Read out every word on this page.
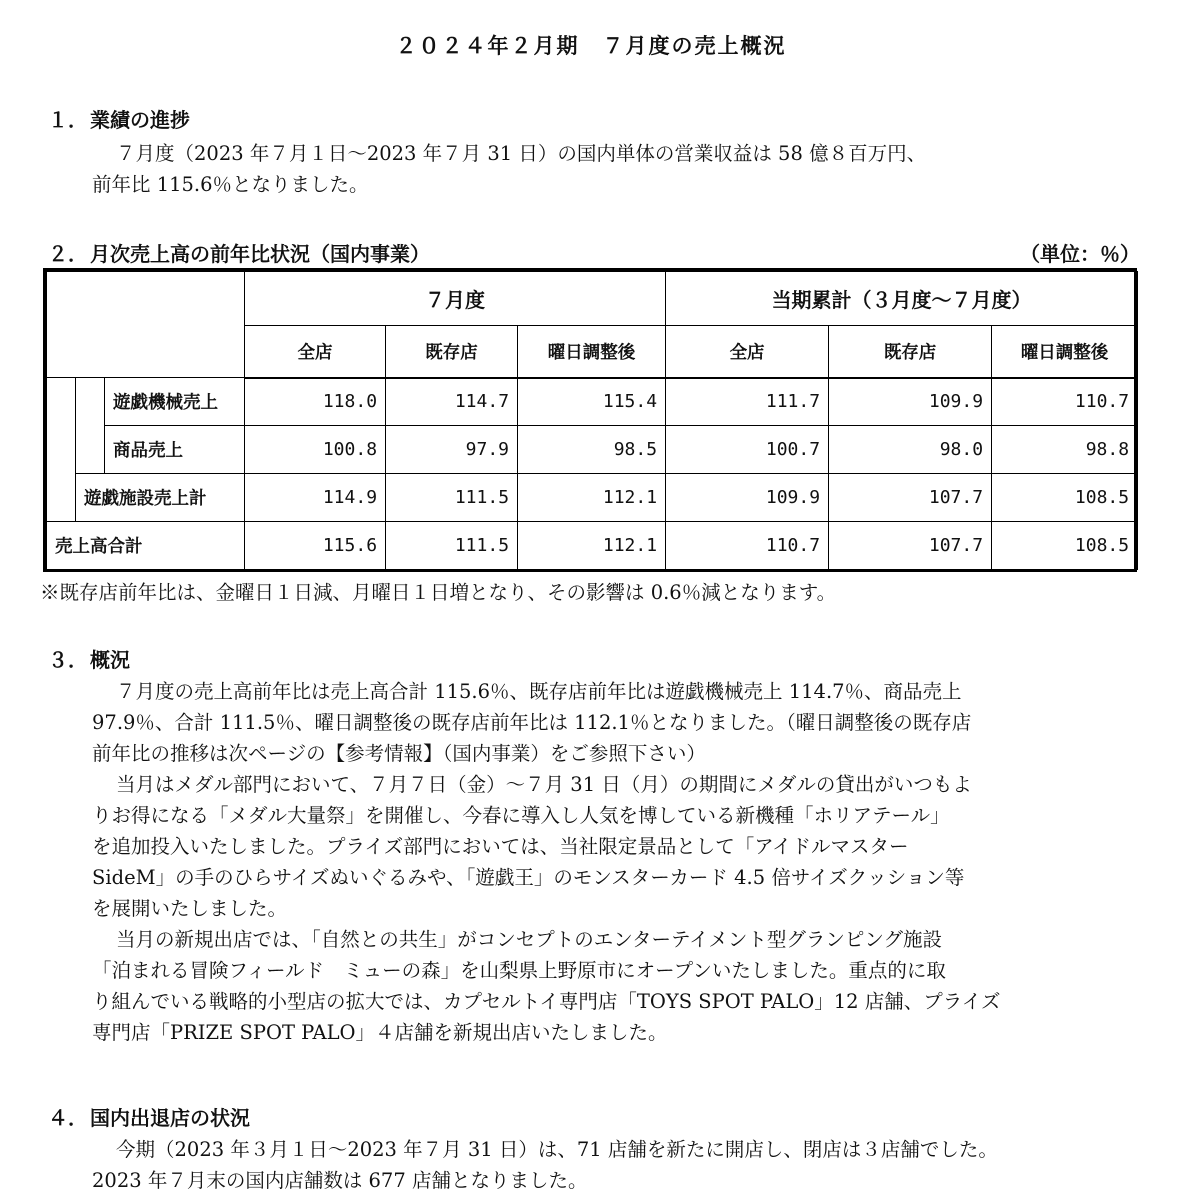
２０２４年２月期　７月度の売上概況
１． 業績の進捗
７月度（2023 年７月１日～2023 年７月 31 日）の国内単体の営業収益は 58 億８百万円、
前年比 115.6％となりました。
２． 月次売上高の前年比状況（国内事業）	（単位：％）
			７月度			当期累計（３月度～７月度）		
			全店	既存店	曜日調整後	全店	既存店	曜日調整後
		遊戯機械売上	118.0	114.7	115.4	111.7	109.9	110.7
		商品売上	100.8	97.9	98.5	100.7	98.0	98.8
	遊戯施設売上計		114.9	111.5	112.1	109.9	107.7	108.5
売上高合計			115.6	111.5	112.1	110.7	107.7	108.5
※既存店前年比は、金曜日１日減、月曜日１日増となり、その影響は 0.6％減となります。
３． 概況
７月度の売上高前年比は売上高合計 115.6％、既存店前年比は遊戯機械売上 114.7％、商品売上
97.9％、合計 111.5％、曜日調整後の既存店前年比は 112.1％となりました。（曜日調整後の既存店
前年比の推移は次ページの【参考情報】（国内事業）をご参照下さい）
当月はメダル部門において、７月７日（金）～７月 31 日（月）の期間にメダルの貸出がいつもよ
りお得になる「メダル大量祭」を開催し、今春に導入し人気を博している新機種「ホリアテール」
を追加投入いたしました。プライズ部門においては、当社限定景品として「アイドルマスター
SideM」の手のひらサイズぬいぐるみや、「遊戯王」のモンスターカード 4.5 倍サイズクッション等
を展開いたしました。
当月の新規出店では、「自然との共生」がコンセプトのエンターテイメント型グランピング施設
「泊まれる冒険フィールド　ミューの森」を山梨県上野原市にオープンいたしました。重点的に取
り組んでいる戦略的小型店の拡大では、カプセルトイ専門店「TOYS SPOT PALO」12 店舗、プライズ
専門店「PRIZE SPOT PALO」４店舗を新規出店いたしました。
４． 国内出退店の状況
今期（2023 年３月１日～2023 年７月 31 日）は、71 店舗を新たに開店し、閉店は３店舗でした。
2023 年７月末の国内店舗数は 677 店舗となりました。
